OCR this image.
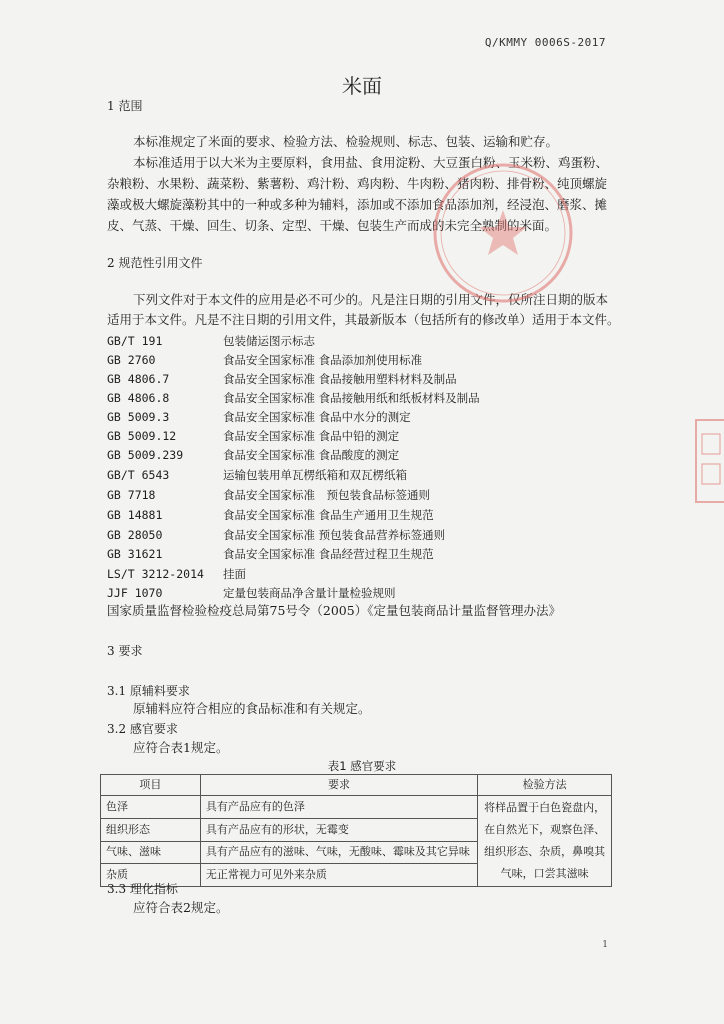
Q/KMMY 0006S-2017
米面
1 范围
本标准规定了米面的要求、检验方法、检验规则、标志、包装、运输和贮存。
本标准适用于以大米为主要原料，食用盐、食用淀粉、大豆蛋白粉、玉米粉、鸡蛋粉、
杂粮粉、水果粉、蔬菜粉、紫薯粉、鸡汁粉、鸡肉粉、牛肉粉、猪肉粉、排骨粉、纯顶螺旋
藻或极大螺旋藻粉其中的一种或多种为辅料，添加或不添加食品添加剂，经浸泡、磨浆、摊
皮、气蒸、干燥、回生、切条、定型、干燥、包装生产而成的未完全熟制的米面。
2 规范性引用文件
下列文件对于本文件的应用是必不可少的。凡是注日期的引用文件，仅所注日期的版本
适用于本文件。凡是不注日期的引用文件，其最新版本（包括所有的修改单）适用于本文件。
GB/T 191	包装储运图示标志
GB 2760	食品安全国家标准 食品添加剂使用标准
GB 4806.7	食品安全国家标准 食品接触用塑料材料及制品
GB 4806.8	食品安全国家标准 食品接触用纸和纸板材料及制品
GB 5009.3	食品安全国家标准 食品中水分的测定
GB 5009.12	食品安全国家标准 食品中铅的测定
GB 5009.239	食品安全国家标准 食品酸度的测定
GB/T 6543	运输包装用单瓦楞纸箱和双瓦楞纸箱
GB 7718	食品安全国家标准　预包装食品标签通则
GB 14881	食品安全国家标准 食品生产通用卫生规范
GB 28050	食品安全国家标准 预包装食品营养标签通则
GB 31621	食品安全国家标准 食品经营过程卫生规范
LS/T 3212-2014	挂面
JJF 1070	定量包装商品净含量计量检验规则
国家质量监督检验检疫总局第75号令（2005）《定量包装商品计量监督管理办法》
3 要求
3.1 原辅料要求
原辅料应符合相应的食品标准和有关规定。
3.2 感官要求
应符合表1规定。
表1 感官要求
项目	要求	检验方法
色泽	具有产品应有的色泽	将样品置于白色瓷盘内，
在自然光下，观察色泽、
组织形态、杂质，鼻嗅其
气味，口尝其滋味

组织形态	具有产品应有的形状，无霉变	
气味、滋味	具有产品应有的滋味、气味，无酸味、霉味及其它异味	
杂质	无正常视力可见外来杂质	
3.3 理化指标
应符合表2规定。
1
